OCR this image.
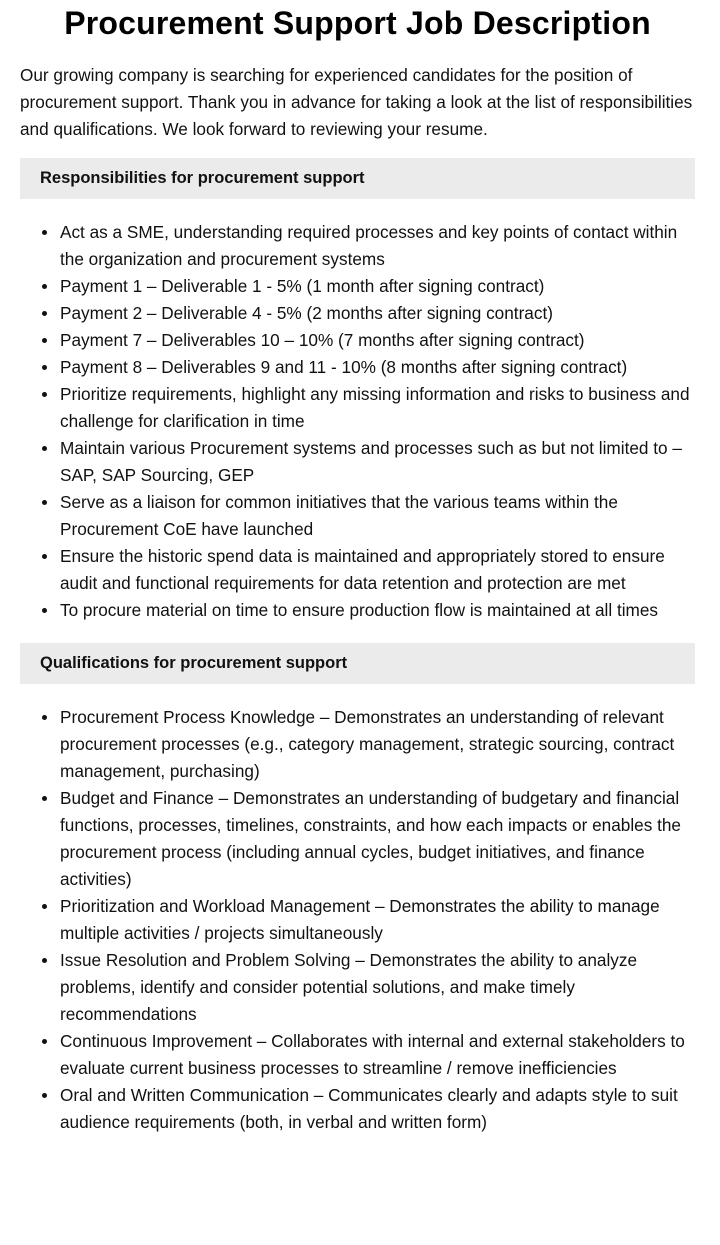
Procurement Support Job Description

Our growing company is searching for experienced candidates for the position of procurement support. Thank you in advance for taking a look at the list of responsibilities and qualifications. We look forward to reviewing your resume.

Responsibilities for procurement support
Act as a SME, understanding required processes and key points of contact within the organization and procurement systems
Payment 1 – Deliverable 1 - 5% (1 month after signing contract)
Payment 2 – Deliverable 4 - 5% (2 months after signing contract)
Payment 7 – Deliverables 10 – 10% (7 months after signing contract)
Payment 8 – Deliverables 9 and 11 - 10% (8 months after signing contract)
Prioritize requirements, highlight any missing information and risks to business and challenge for clarification in time
Maintain various Procurement systems and processes such as but not limited to – SAP, SAP Sourcing, GEP
Serve as a liaison for common initiatives that the various teams within the Procurement CoE have launched
Ensure the historic spend data is maintained and appropriately stored to ensure audit and functional requirements for data retention and protection are met
To procure material on time to ensure production flow is maintained at all times
Qualifications for procurement support
Procurement Process Knowledge – Demonstrates an understanding of relevant procurement processes (e.g., category management, strategic sourcing, contract management, purchasing)
Budget and Finance – Demonstrates an understanding of budgetary and financial functions, processes, timelines, constraints, and how each impacts or enables the procurement process (including annual cycles, budget initiatives, and finance activities)
Prioritization and Workload Management – Demonstrates the ability to manage multiple activities / projects simultaneously
Issue Resolution and Problem Solving – Demonstrates the ability to analyze problems, identify and consider potential solutions, and make timely recommendations
Continuous Improvement – Collaborates with internal and external stakeholders to evaluate current business processes to streamline / remove inefficiencies
Oral and Written Communication – Communicates clearly and adapts style to suit audience requirements (both, in verbal and written form)
